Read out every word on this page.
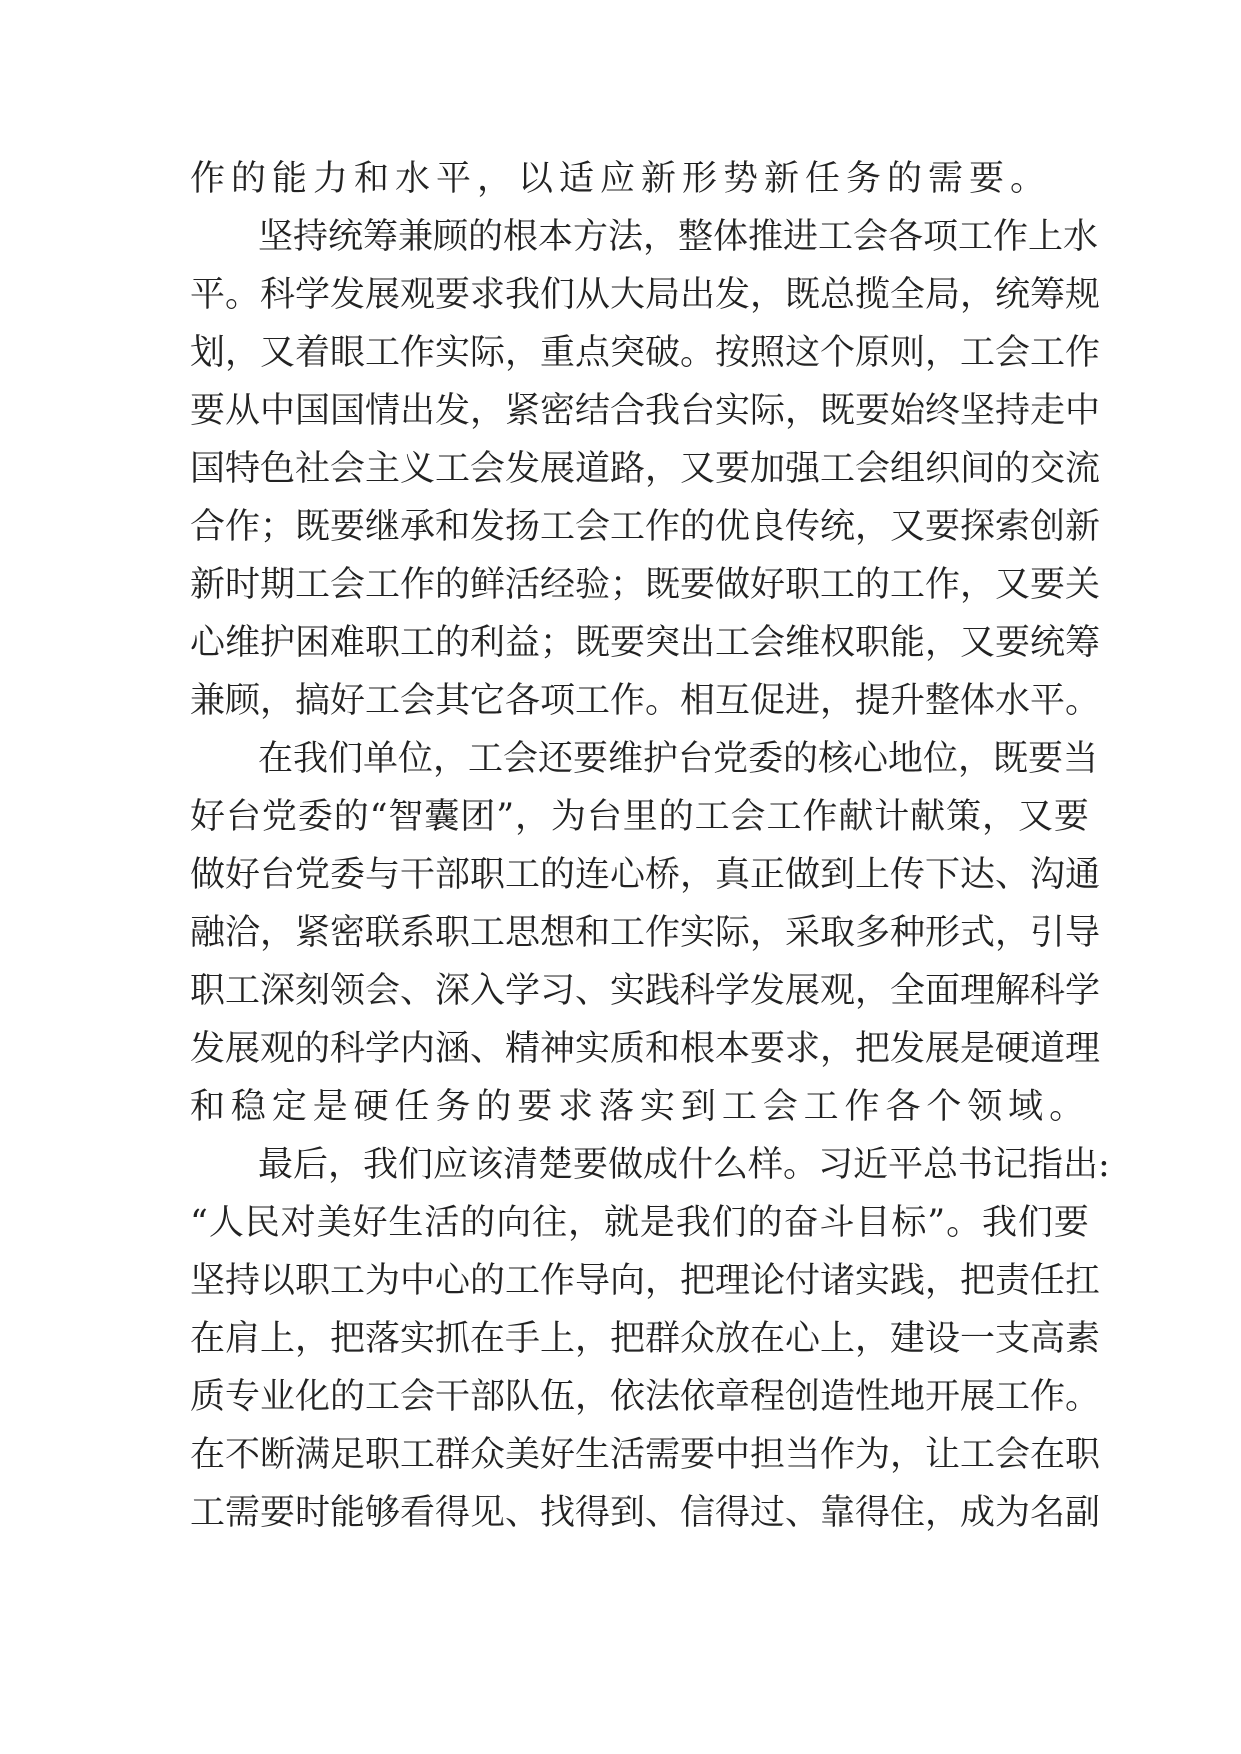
作的能力和水平，以适应新形势新任务的需要。
坚持统筹兼顾的根本方法，整体推进工会各项工作上水
平。科学发展观要求我们从大局出发，既总揽全局，统筹规
划，又着眼工作实际，重点突破。按照这个原则，工会工作
要从中国国情出发，紧密结合我台实际，既要始终坚持走中
国特色社会主义工会发展道路，又要加强工会组织间的交流
合作；既要继承和发扬工会工作的优良传统，又要探索创新
新时期工会工作的鲜活经验；既要做好职工的工作，又要关
心维护困难职工的利益；既要突出工会维权职能，又要统筹
兼顾，搞好工会其它各项工作。相互促进，提升整体水平。
在我们单位，工会还要维护台党委的核心地位，既要当
好台党委的“智囊团”，为台里的工会工作献计献策，又要
做好台党委与干部职工的连心桥，真正做到上传下达、沟通
融洽，紧密联系职工思想和工作实际，采取多种形式，引导
职工深刻领会、深入学习、实践科学发展观，全面理解科学
发展观的科学内涵、精神实质和根本要求，把发展是硬道理
和稳定是硬任务的要求落实到工会工作各个领域。
最后，我们应该清楚要做成什么样。习近平总书记指出:
“人民对美好生活的向往，就是我们的奋斗目标”。我们要
坚持以职工为中心的工作导向，把理论付诸实践，把责任扛
在肩上，把落实抓在手上，把群众放在心上，建设一支高素
质专业化的工会干部队伍，依法依章程创造性地开展工作。
在不断满足职工群众美好生活需要中担当作为，让工会在职
工需要时能够看得见、找得到、信得过、靠得住，成为名副
